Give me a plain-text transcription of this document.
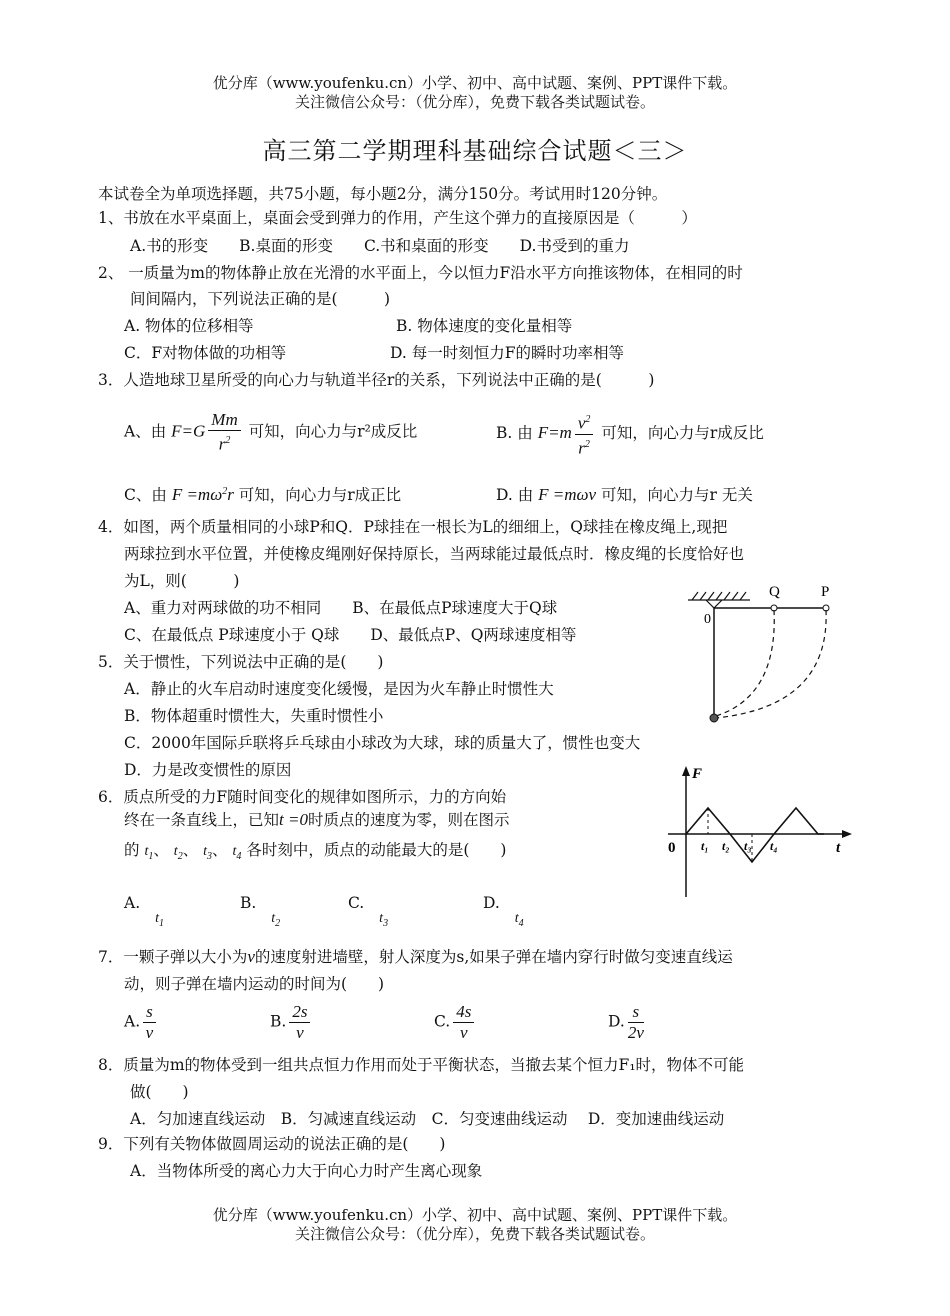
优分库（www.youfenku.cn）小学、初中、高中试题、案例、PPT课件下载。
关注微信公众号：（优分库），免费下载各类试题试卷。
高三第二学期理科基础综合试题＜三＞
本试卷全为单项选择题，共75小题，每小题2分，满分150分。考试用时120分钟。
1、书放在水平桌面上，桌面会受到弹力的作用，产生这个弹力的直接原因是（　　　）
A.书的形变　　B.桌面的形变　　C.书和桌面的形变　　D.书受到的重力
2、 一质量为m的物体静止放在光滑的水平面上，今以恒力F沿水平方向推该物体，在相同的时
间间隔内，下列说法正确的是(　　　)
A. 物体的位移相等	B. 物体速度的变化量相等
C．F对物体做的功相等	D. 每一时刻恒力F的瞬时功率相等
3．人造地球卫星所受的向心力与轨道半径r的关系，下列说法中正确的是(　　　)
A、由 $F=G \frac{Mm}{r^2}$ 可知，向心力与r²成反比	B. 由 $F=m \frac{v^2}{r^2}$ 可知，向心力与r成反比
C、由 $F =m\omega^2r$ 可知，向心力与r成正比	D. 由 F =mωv 可知，向心力与r 无关
4．如图，两个质量相同的小球P和Q．P球挂在一根长为L的细细上，Q球挂在橡皮绳上,现把
两球拉到水平位置，并使橡皮绳刚好保持原长，当两球能过最低点时．橡皮绳的长度恰好也
为L，则(　　　)
A、重力对两球做的功不相同　　B、在最低点P球速度大于Q球
C、在最低点 P球速度小于 Q球　　D、最低点P、Q两球速度相等
Q	P
0
5．关于惯性，下列说法中正确的是(　　)
A．静止的火车启动时速度变化缓慢，是因为火车静止时惯性大
B．物体超重时惯性大，失重时惯性小
C．2000年国际乒联将乒乓球由小球改为大球，球的质量大了，惯性也变大
D．力是改变惯性的原因
6．质点所受的力F随时间变化的规律如图所示，力的方向始
终在一条直线上，已知t =0时质点的速度为零，则在图示
的 $t_1$、 $t_2$、 $t_3$、 $t_4$ 各时刻中，质点的动能最大的是(　　)
A. $t_1$
B. $t_2$
C. $t_3$
D. $t_4$
F
t
0 t₁ t₂ t₃ t₄
7．一颗子弹以大小为v的速度射进墙壁，射人深度为s,如果子弹在墙内穿行时做匀变速直线运
动，则子弹在墙内运动的时间为(　　)
A. $\frac{s}{v}$	B. $\frac{2s}{v}$	C. $\frac{4s}{v}$	D. $\frac{s}{2v}$
8．质量为m的物体受到一组共点恒力作用而处于平衡状态，当撤去某个恒力F₁时，物体不可能
做(　　)
A．匀加速直线运动　B．匀减速直线运动　C．匀变速曲线运动　 D．变加速曲线运动
9．下列有关物体做圆周运动的说法正确的是(　　)
A．当物体所受的离心力大于向心力时产生离心现象
优分库（www.youfenku.cn）小学、初中、高中试题、案例、PPT课件下载。
关注微信公众号：（优分库），免费下载各类试题试卷。
